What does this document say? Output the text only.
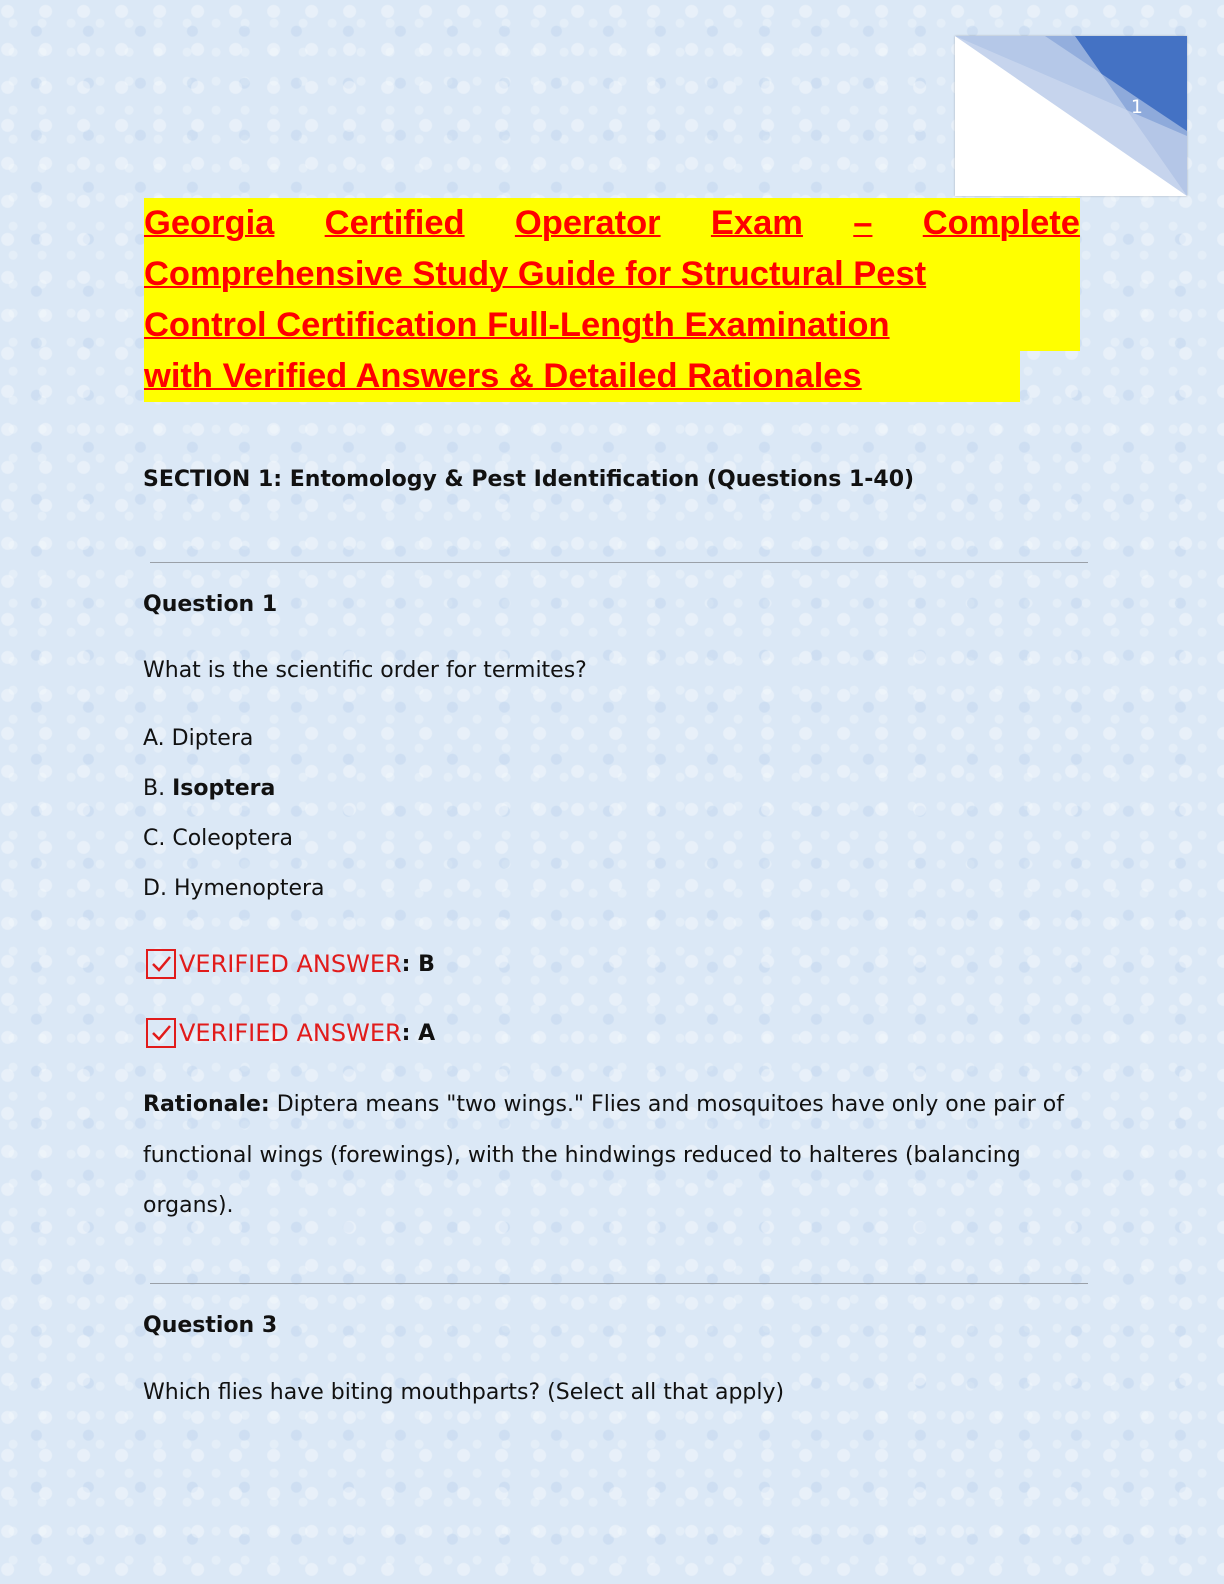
1
Georgia Certified Operator Exam – Complete
Comprehensive Study Guide for Structural Pest
Control Certification Full-Length Examination
with Verified Answers & Detailed Rationales
SECTION 1: Entomology & Pest Identification (Questions 1-40)
Question 1
What is the scientific order for termites?
A. Diptera
B. Isoptera
C. Coleoptera
D. Hymenoptera
VERIFIED ANSWER : B
VERIFIED ANSWER : A
Rationale: Diptera means "two wings." Flies and mosquitoes have only one pair of functional wings (forewings), with the hindwings reduced to halteres (balancing organs).
Question 3
Which flies have biting mouthparts? (Select all that apply)
